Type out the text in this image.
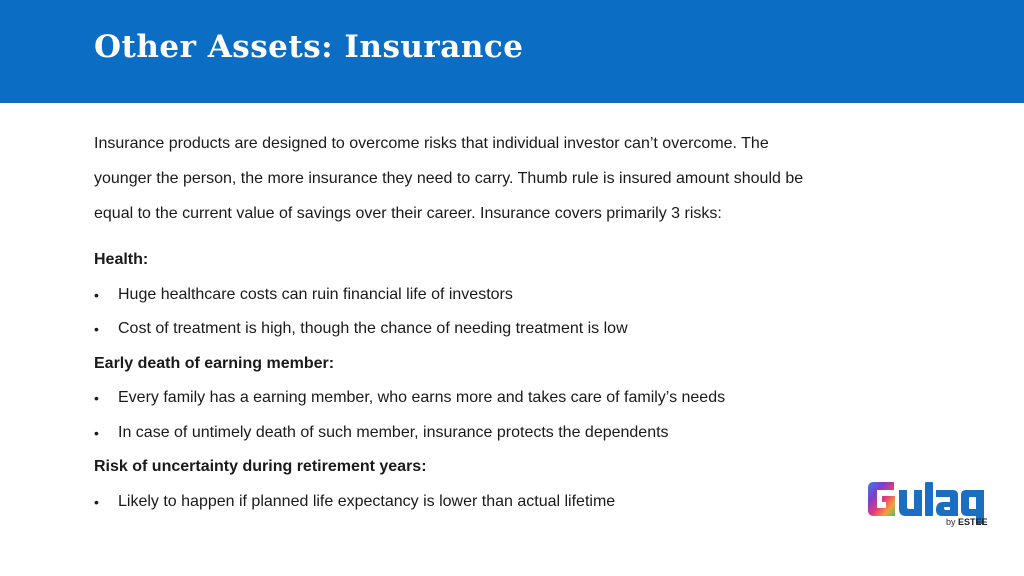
Other Assets: Insurance

Insurance products are designed to overcome risks that individual investor can’t overcome. The

younger the person, the more insurance they need to carry. Thumb rule is insured amount should be

equal to the current value of savings over their career. Insurance covers primarily 3 risks:

Health:
• Huge healthcare costs can ruin financial life of investors
• Cost of treatment is high, though the chance of needing treatment is low
Early death of earning member:
• Every family has a earning member, who earns more and takes care of family’s needs
• In case of untimely death of such member, insurance protects the dependents
Risk of uncertainty during retirement years:
• Likely to happen if planned life expectancy is lower than actual lifetime
by ESTEE
